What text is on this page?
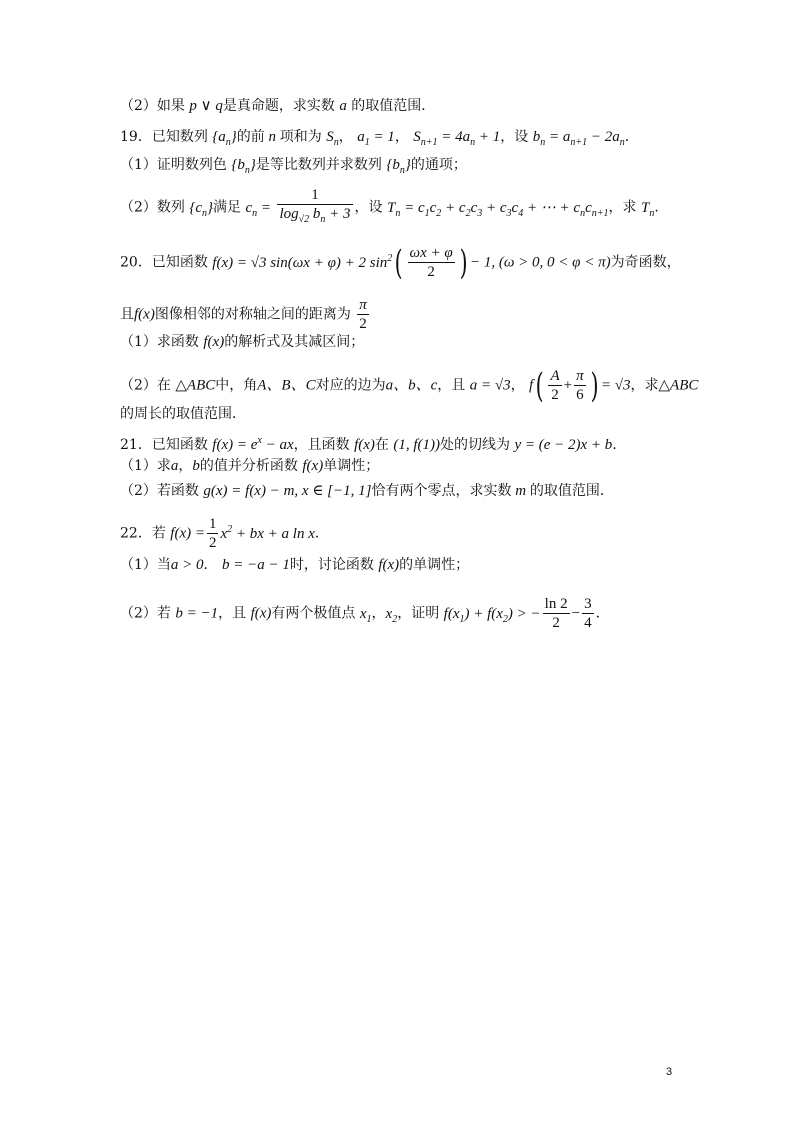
（2）如果 p ∨ q是真命题，求实数 a 的取值范围．
19．已知数列 $\{a_n\}$的前 n 项和为 $S_n$， $a_1 = 1$， $S_{n+1} = 4a_n + 1$，设 $b_n = a_{n+1} - 2a_n$．
（1）证明数列色 $\{b_n\}$是等比数列并求数列 $\{b_n\}$的通项；
（2）数列 $\{c_n\}$满足 $c_n = \frac{1}{\log_{√2} b_n + 3}$ ，设 $T_n = c_1c_2 + c_2c_3 + c_3c_4$ + ⋯ + $c_nc_{n+1}$，求 $T_n$．
20．已知函数 f(x) = √3 sin(ωx + φ) + 2 $\sin^2( \frac{\omega x + \varphi}{2}$ ) − 1, (ω > 0, 0 < φ < π)为奇函数，
且f(x)图像相邻的对称轴之间的距离为 $\frac{\pi}{2}$
（1）求函数 f(x)的解析式及其减区间；
（2）在 △ABC中，角A、B、C对应的边为a、b、c，且 a = √3， $f( \frac{A}{2} + \frac{\pi}{6}$ ) = √3，求△ABC
的周长的取值范围．
21．已知函数 $f(x) = e^x$ − ax，且函数 f(x)在 (1, f(1))处的切线为 y = (e − 2)x + b．
（1）求a，b的值并分析函数 f(x)单调性；
（2）若函数 g(x) = f(x) − m, x ∈ [−1, 1]恰有两个零点，求实数 m 的取值范围．
22．若 $f(x) = \frac{1}{2} x^2$ + bx + a ln x．
（1）当a > 0． b = −a − 1时，讨论函数 f(x)的单调性；
（2）若 b = −1，且 f(x)有两个极值点 $x_1$，$x_2$，证明 $f(x_1) + f(x_2)$ > − $\frac{\ln 2}{2} - \frac{3}{4}$ ．
3
